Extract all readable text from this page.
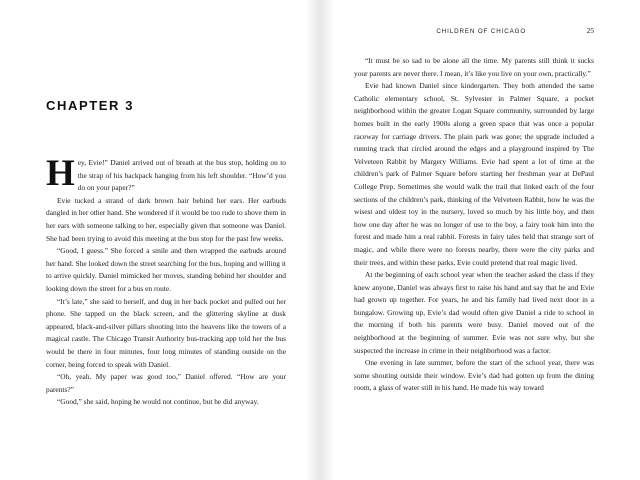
CHAPTER 3

Hey, Evie!” Daniel arrived out of breath at the bus stop, holding on to the strap of his backpack hanging from his left shoulder. “How’d you do on your paper?”

Evie tucked a strand of dark brown hair behind her ears. Her earbuds dangled in her other hand. She wondered if it would be too rude to shove them in her ears with someone talking to her, especially given that someone was Daniel. She had been trying to avoid this meeting at the bus stop for the past few weeks.

“Good, I guess.” She forced a smile and then wrapped the earbuds around her hand. She looked down the street searching for the bus, hoping and willing it to arrive quickly. Daniel mimicked her moves, standing behind her shoulder and looking down the street for a bus en route.

“It’s late,” she said to herself, and dug in her back pocket and pulled out her phone. She tapped on the black screen, and the glittering skyline at dusk appeared, black-and-silver pillars shooting into the heavens like the towers of a magical castle. The Chicago Transit Authority bus-tracking app told her the bus would be there in four minutes, four long minutes of standing outside on the corner, being forced to speak with Daniel.

“Oh, yeah. My paper was good too,” Daniel offered. “How are your parents?”

“Good,” she said, hoping he would not continue, but he did anyway.

CHILDREN OF CHICAGO	25

“It must be so sad to be alone all the time. My parents still think it sucks your parents are never there. I mean, it’s like you live on your own, practically.”

Evie had known Daniel since kindergarten. They both attended the same Catholic elementary school, St. Sylvester in Palmer Square, a pocket neighborhood within the greater Logan Square community, surrounded by large homes built in the early 1900s along a green space that was once a popular raceway for carriage drivers. The plain park was gone; the upgrade included a running track that circled around the edges and a playground inspired by The Velveteen Rabbit by Margery Williams. Evie had spent a lot of time at the children’s park of Palmer Square before starting her freshman year at DePaul College Prep. Sometimes she would walk the trail that linked each of the four sections of the children’s park, thinking of the Velveteen Rabbit, how he was the wisest and oldest toy in the nursery, loved so much by his little boy, and then how one day after he was no longer of use to the boy, a fairy took him into the forest and made him a real rabbit. Forests in fairy tales held that strange sort of magic, and while there were no forests nearby, there were the city parks and their trees, and within these parks, Evie could pretend that real magic lived.

At the beginning of each school year when the teacher asked the class if they knew anyone, Daniel was always first to raise his hand and say that he and Evie had grown up together. For years, he and his family had lived next door in a bungalow. Growing up, Evie’s dad would often give Daniel a ride to school in the morning if both his parents were busy. Daniel moved out of the neighborhood at the beginning of summer. Evie was not sure why, but she suspected the increase in crime in their neighborhood was a factor.

One evening in late summer, before the start of the school year, there was some shouting outside their window. Evie’s dad had gotten up from the dining room, a glass of water still in his hand. He made his way toward
